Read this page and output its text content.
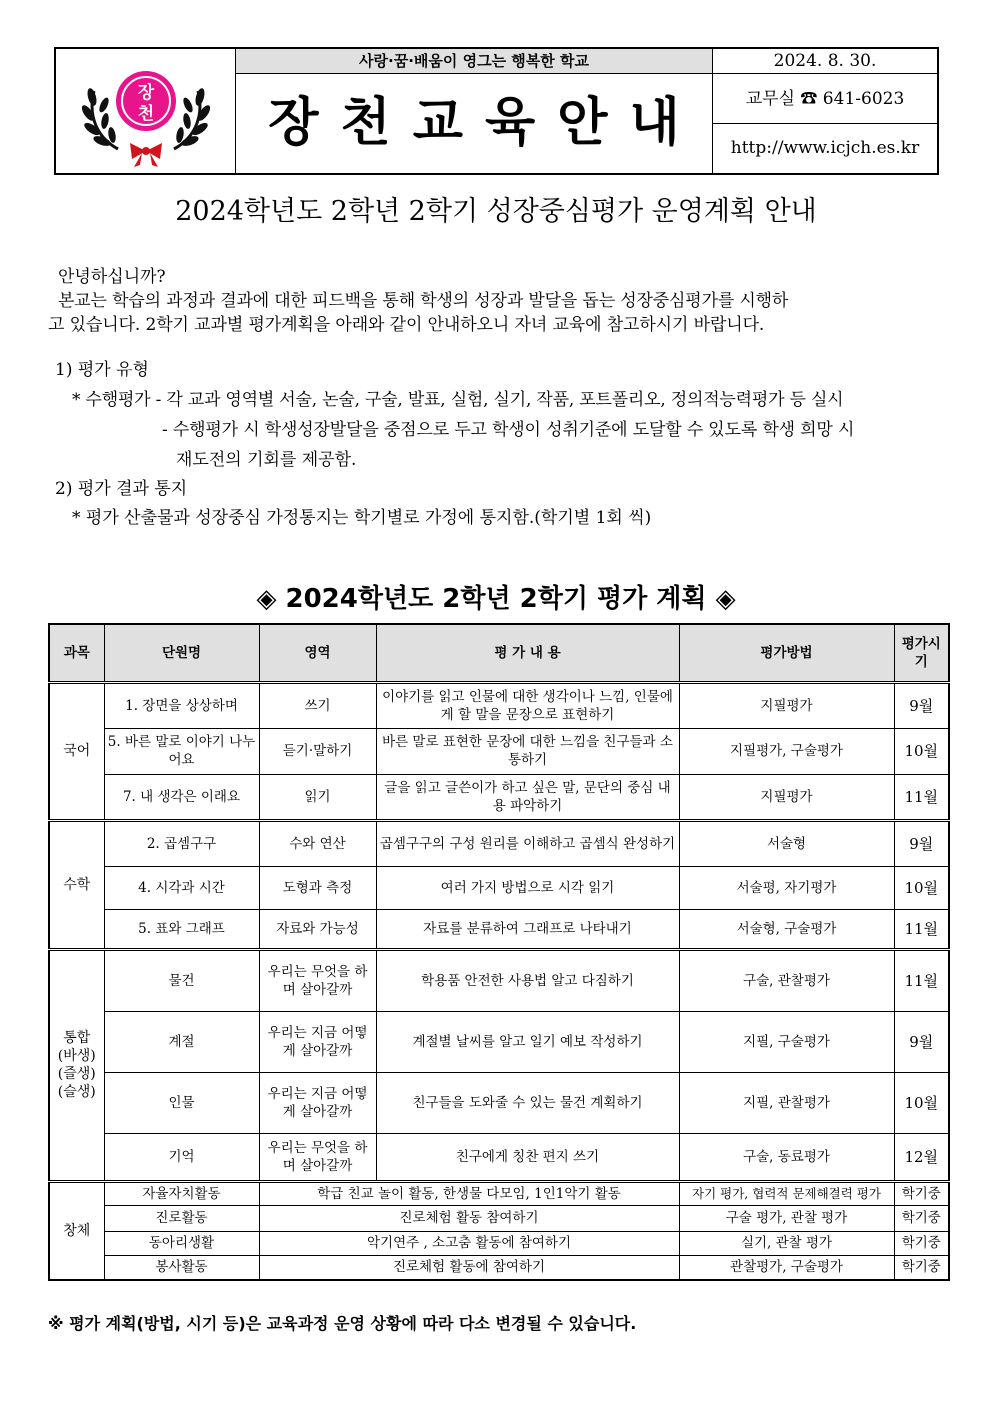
장
천
사랑·꿈·배움이 영그는 행복한 학교
장천교육안내
2024. 8. 30.
교무실 ☎ 641-6023
http://www.icjch.es.kr
2024학년도 2학년 2학기 성장중심평가 운영계획 안내
안녕하십니까?
본교는 학습의 과정과 결과에 대한 피드백을 통해 학생의 성장과 발달을 돕는 성장중심평가를 시행하
고 있습니다. 2학기 교과별 평가계획을 아래와 같이 안내하오니 자녀 교육에 참고하시기 바랍니다.
1) 평가 유형
* 수행평가 - 각 교과 영역별 서술, 논술, 구술, 발표, 실험, 실기, 작품, 포트폴리오, 정의적능력평가 등 실시
- 수행평가 시 학생성장발달을 중점으로 두고 학생이 성취기준에 도달할 수 있도록 학생 희망 시
재도전의 기회를 제공함.
2) 평가 결과 통지
* 평가 산출물과 성장중심 가정통지는 학기별로 가정에 통지함.(학기별 1회 씩)
◈ 2024학년도 2학년 2학기 평가 계획 ◈
과목	단원명	영역	평 가 내 용	평가방법	평가시기
국어	1. 장면을 상상하며	쓰기	이야기를 읽고 인물에 대한 생각이나 느낌, 인물에게 할 말을 문장으로 표현하기	지필평가	9월
	5. 바른 말로 이야기 나누어요	듣기·말하기	바른 말로 표현한 문장에 대한 느낌을 친구들과 소통하기	지필평가, 구술평가	10월
	7. 내 생각은 이래요	읽기	글을 읽고 글쓴이가 하고 싶은 말, 문단의 중심 내용 파악하기	지필평가	11월
수학	2. 곱셈구구	수와 연산	곱셈구구의 구성 원리를 이해하고 곱셈식 완성하기	서술형	9월
	4. 시각과 시간	도형과 측정	여러 가지 방법으로 시각 읽기	서술평, 자기평가	10월
	5. 표와 그래프	자료와 가능성	자료를 분류하여 그래프로 나타내기	서술형, 구술평가	11월

통합
(바생)
(즐생)
(슬생)	물건	우리는 무엇을 하며 살아갈까	학용품 안전한 사용법 알고 다짐하기	구술, 관찰평가	11월
	계절	우리는 지금 어떻게 살아갈까	계절별 날씨를 알고 일기 예보 작성하기	지필, 구술평가	9월
	인물	우리는 지금 어떻게 살아갈까	친구들을 도와줄 수 있는 물건 계획하기	지필, 관찰평가	10월
	기억	우리는 무엇을 하며 살아갈까	친구에게 칭찬 편지 쓰기	구술, 동료평가	12월
창체	자율자치활동	학급 친교 놀이 활동, 한생물 다모임, 1인1악기 활동		자기 평가, 협력적 문제해결력 평가	학기중
	진로활동	진로체험 활동 참여하기		구술 평가, 관찰 평가	학기중
	동아리생활	악기연주 , 소고춤 활동에 참여하기		실기, 관찰 평가	학기중
	봉사활동	진로체험 활동에 참여하기		관찰평가, 구술평가	학기중
※ 평가 계획(방법, 시기 등)은 교육과정 운영 상황에 따라 다소 변경될 수 있습니다.
